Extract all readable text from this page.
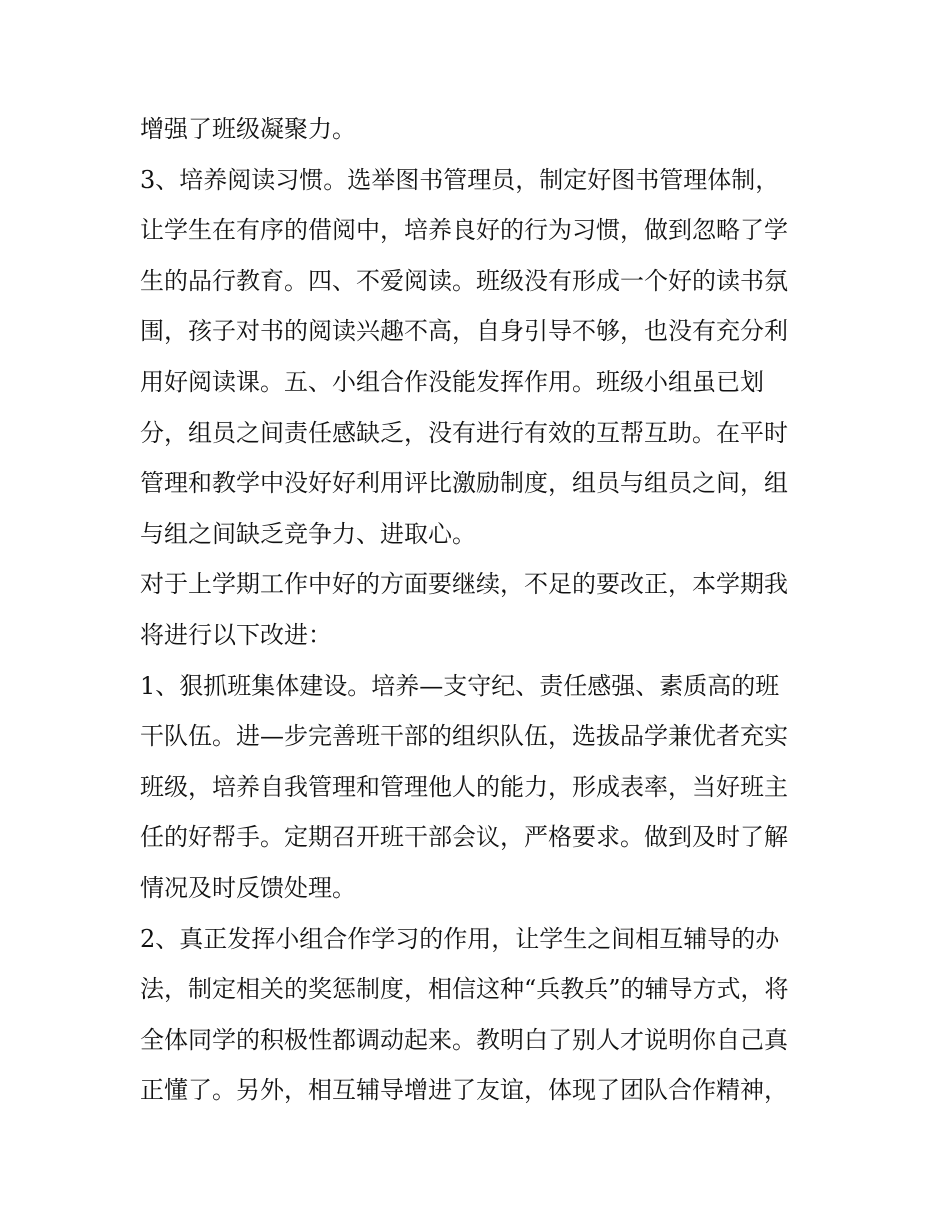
增强了班级凝聚力。

3、培养阅读习惯。选举图书管理员，制定好图书管理体制，
让学生在有序的借阅中，培养良好的行为习惯，做到忽略了学
生的品行教育。四、不爱阅读。班级没有形成一个好的读书氛
围，孩子对书的阅读兴趣不高，自身引导不够，也没有充分利
用好阅读课。五、小组合作没能发挥作用。班级小组虽已划
分，组员之间责任感缺乏，没有进行有效的互帮互助。在平时
管理和教学中没好好利用评比激励制度，组员与组员之间，组
与组之间缺乏竞争力、进取心。

对于上学期工作中好的方面要继续，不足的要改正，本学期我
将进行以下改进：

1、狠抓班集体建设。培养—支守纪、责任感强、素质高的班
干队伍。进—步完善班干部的组织队伍，选拔品学兼优者充实
班级，培养自我管理和管理他人的能力，形成表率，当好班主
任的好帮手。定期召开班干部会议，严格要求。做到及时了解
情况及时反馈处理。

2、真正发挥小组合作学习的作用，让学生之间相互辅导的办
法，制定相关的奖惩制度，相信这种“兵教兵”的辅导方式，将
全体同学的积极性都调动起来。教明白了别人才说明你自己真
正懂了。另外，相互辅导增进了友谊，体现了团队合作精神，
